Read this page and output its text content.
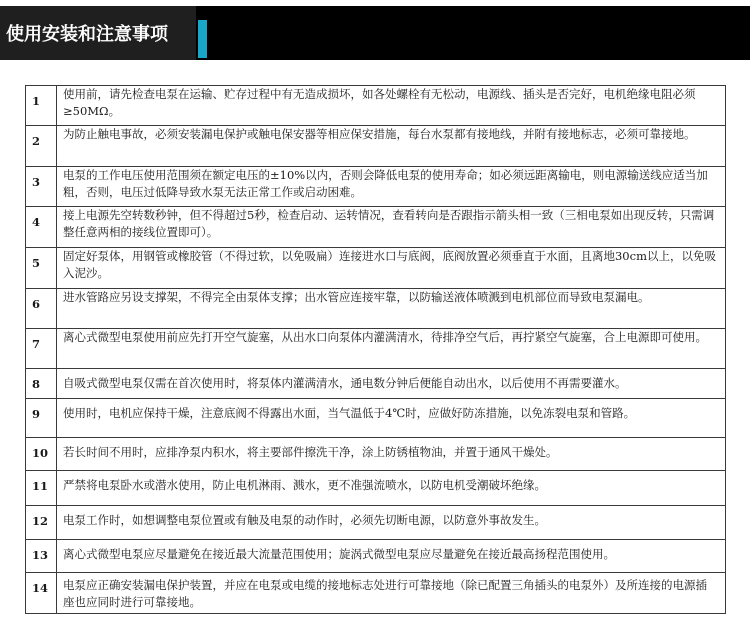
使用安装和注意事项
1	使用前，请先检查电泵在运输、贮存过程中有无造成损坏，如各处螺栓有无松动，电源线、插头是否完好，电机绝缘电阻必须≥50MΩ。

2	为防止触电事故，必须安装漏电保护或触电保安器等相应保安措施，每台水泵都有接地线，并附有接地标志，必须可靠接地。

3	电泵的工作电压使用范围须在额定电压的±10%以内，否则会降低电泵的使用寿命；如必须远距离输电，则电源输送线应适当加粗，否则，电压过低降导致水泵无法正常工作或启动困难。

4	接上电源先空转数秒钟，但不得超过5秒，检查启动、运转情况，查看转向是否跟指示箭头相一致（三相电泵如出现反转，只需调整任意两相的接线位置即可）。

5	固定好泵体，用钢管或橡胶管（不得过软，以免吸扁）连接进水口与底阀，底阀放置必须垂直于水面，且离地30cm以上，以免吸入泥沙。

6	进水管路应另设支撑架，不得完全由泵体支撑；出水管应连接牢靠，以防输送液体喷溅到电机部位而导致电泵漏电。

7	离心式微型电泵使用前应先打开空气旋塞，从出水口向泵体内灌满清水，待排净空气后，再拧紧空气旋塞，合上电源即可使用。

8	自吸式微型电泵仅需在首次使用时，将泵体内灌满清水，通电数分钟后便能自动出水，以后使用不再需要灌水。

9	使用时，电机应保持干燥，注意底阀不得露出水面，当气温低于4℃时，应做好防冻措施，以免冻裂电泵和管路。

10	若长时间不用时，应排净泵内积水，将主要部件擦洗干净，涂上防锈植物油，并置于通风干燥处。

11	严禁将电泵卧水或潜水使用，防止电机淋雨、溅水，更不准强流喷水，以防电机受潮破坏绝缘。

12	电泵工作时，如想调整电泵位置或有触及电泵的动作时，必须先切断电源，以防意外事故发生。

13	离心式微型电泵应尽量避免在接近最大流量范围使用；旋涡式微型电泵应尽量避免在接近最高扬程范围使用。

14	电泵应正确安装漏电保护装置，并应在电泵或电缆的接地标志处进行可靠接地（除已配置三角插头的电泵外）及所连接的电源插座也应同时进行可靠接地。
